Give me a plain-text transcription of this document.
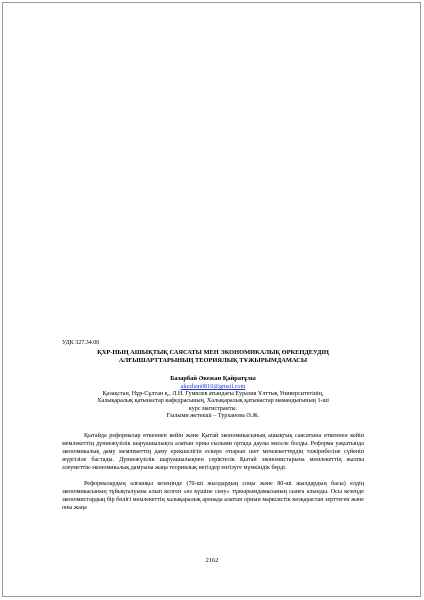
УДК 327.34.00
ҚХР-НЫҢ АШЫҚТЫҚ САЯСАТЫ МЕН ЭКОНОМИКАЛЫҚ ӨРКЕНДЕУДІҢ
АЛҒЫШАРТТАРЫНЫҢ ТЕОРИЯЛЫҚ ТҰЖЫРЫМДАМАСЫ
Базарбай Әкежан Қайратұлы
akezhan0810@gmail.com
Қазақстан, Нұр-Сұлтан қ., Л.Н. Гумилев атындағы Еуразия Ұлттық Университетінің,
Халықаралық қатынастар кафедрасының, Халықаралық қатынастар мамандығының 1-ші
курс магистранты.
Ғылыми жетекші – Турханова Ә.Ж.

Қытайда реформалар өткеннен кейін және Қытай экономикасының ашықтық саясатына өткеннен кейін мемлекеттің дүниежүзілік шаруашылықта алатын орны ғылыми ортада даулы мәселе болды. Реформа уақытында экономикалық даму мемлекеттің даму ерекшелігін ескере отырып шет мемлекеттердің тәжірибесіне сүйеніп жүргізіле бастады. Дүниежүзілік шаруашылықпен серіктесік Қытай экономистарына мемлекеттің жалпы әлеуметтік-экономикалық дамуына жаңа теориялық негіздер енгізуге мүмкіндік берді.

Реформалардың алғашқы кезеңінде (70-ші жылдардың соңы және 80-ші жылдардың басы) елдің экономикасының тұйықталуына алып келген «өз күшіне сену» тұжырымдамасының сынға алынды. Осы кезеңде экономистардың бір бөлігі мемлекеттің халықаралық аренада алатын орнын марксистік көзқарастан зерттеген және оны жаңа

2162
